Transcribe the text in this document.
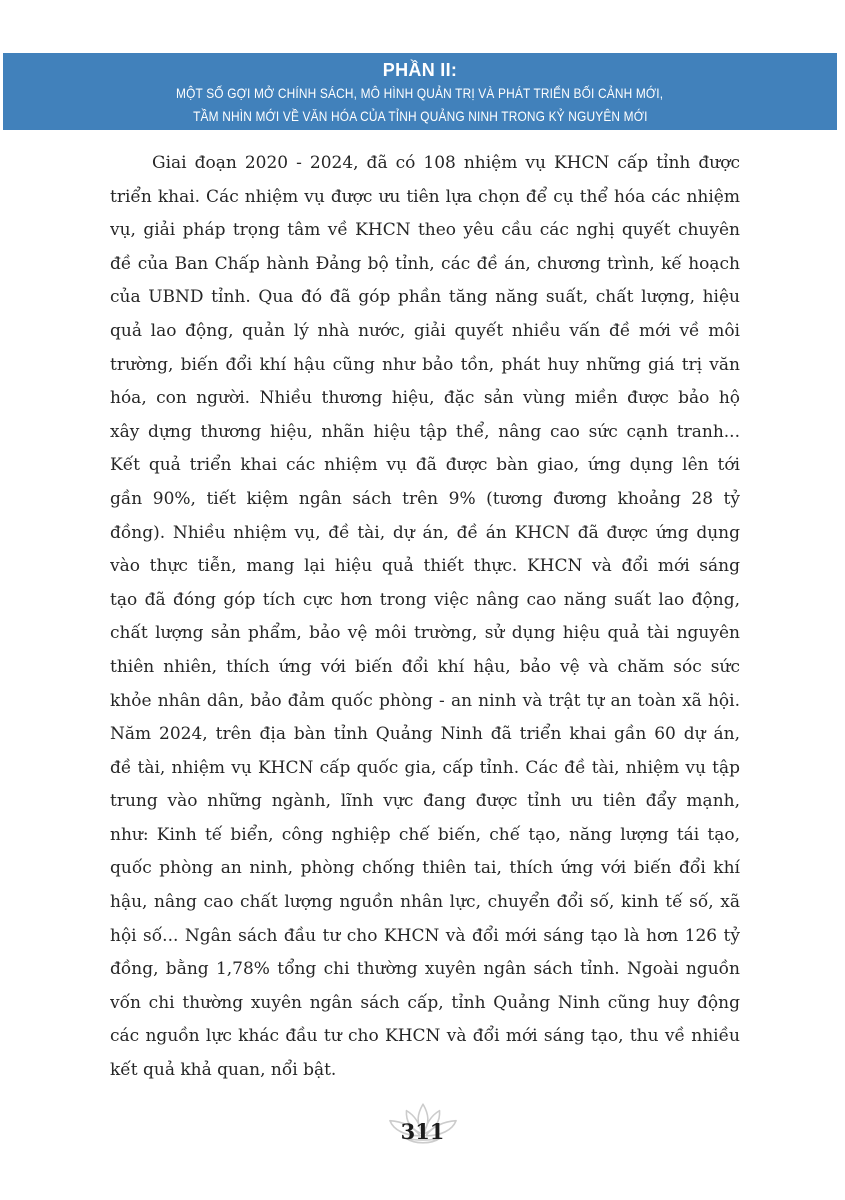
PHẦN II:
MỘT SỐ GỢI MỞ CHÍNH SÁCH, MÔ HÌNH QUẢN TRỊ VÀ PHÁT TRIỂN BỐI CẢNH MỚI,
TẦM NHÌN MỚI VỀ VĂN HÓA CỦA TỈNH QUẢNG NINH TRONG KỶ NGUYÊN MỚI
Giai đoạn 2020 - 2024, đã có 108 nhiệm vụ KHCN cấp tỉnh được
triển khai. Các nhiệm vụ được ưu tiên lựa chọn để cụ thể hóa các nhiệm
vụ, giải pháp trọng tâm về KHCN theo yêu cầu các nghị quyết chuyên
đề của Ban Chấp hành Đảng bộ tỉnh, các đề án, chương trình, kế hoạch
của UBND tỉnh. Qua đó đã góp phần tăng năng suất, chất lượng, hiệu
quả lao động, quản lý nhà nước, giải quyết nhiều vấn đề mới về môi
trường, biến đổi khí hậu cũng như bảo tồn, phát huy những giá trị văn
hóa, con người. Nhiều thương hiệu, đặc sản vùng miền được bảo hộ
xây dựng thương hiệu, nhãn hiệu tập thể, nâng cao sức cạnh tranh...
Kết quả triển khai các nhiệm vụ đã được bàn giao, ứng dụng lên tới
gần 90%, tiết kiệm ngân sách trên 9% (tương đương khoảng 28 tỷ
đồng). Nhiều nhiệm vụ, đề tài, dự án, đề án KHCN đã được ứng dụng
vào thực tiễn, mang lại hiệu quả thiết thực. KHCN và đổi mới sáng
tạo đã đóng góp tích cực hơn trong việc nâng cao năng suất lao động,
chất lượng sản phẩm, bảo vệ môi trường, sử dụng hiệu quả tài nguyên
thiên nhiên, thích ứng với biến đổi khí hậu, bảo vệ và chăm sóc sức
khỏe nhân dân, bảo đảm quốc phòng - an ninh và trật tự an toàn xã hội.
Năm 2024, trên địa bàn tỉnh Quảng Ninh đã triển khai gần 60 dự án,
đề tài, nhiệm vụ KHCN cấp quốc gia, cấp tỉnh. Các đề tài, nhiệm vụ tập
trung vào những ngành, lĩnh vực đang được tỉnh ưu tiên đẩy mạnh,
như: Kinh tế biển, công nghiệp chế biến, chế tạo, năng lượng tái tạo,
quốc phòng an ninh, phòng chống thiên tai, thích ứng với biến đổi khí
hậu, nâng cao chất lượng nguồn nhân lực, chuyển đổi số, kinh tế số, xã
hội số... Ngân sách đầu tư cho KHCN và đổi mới sáng tạo là hơn 126 tỷ
đồng, bằng 1,78% tổng chi thường xuyên ngân sách tỉnh. Ngoài nguồn
vốn chi thường xuyên ngân sách cấp, tỉnh Quảng Ninh cũng huy động
các nguồn lực khác đầu tư cho KHCN và đổi mới sáng tạo, thu về nhiều
kết quả khả quan, nổi bật.
311
